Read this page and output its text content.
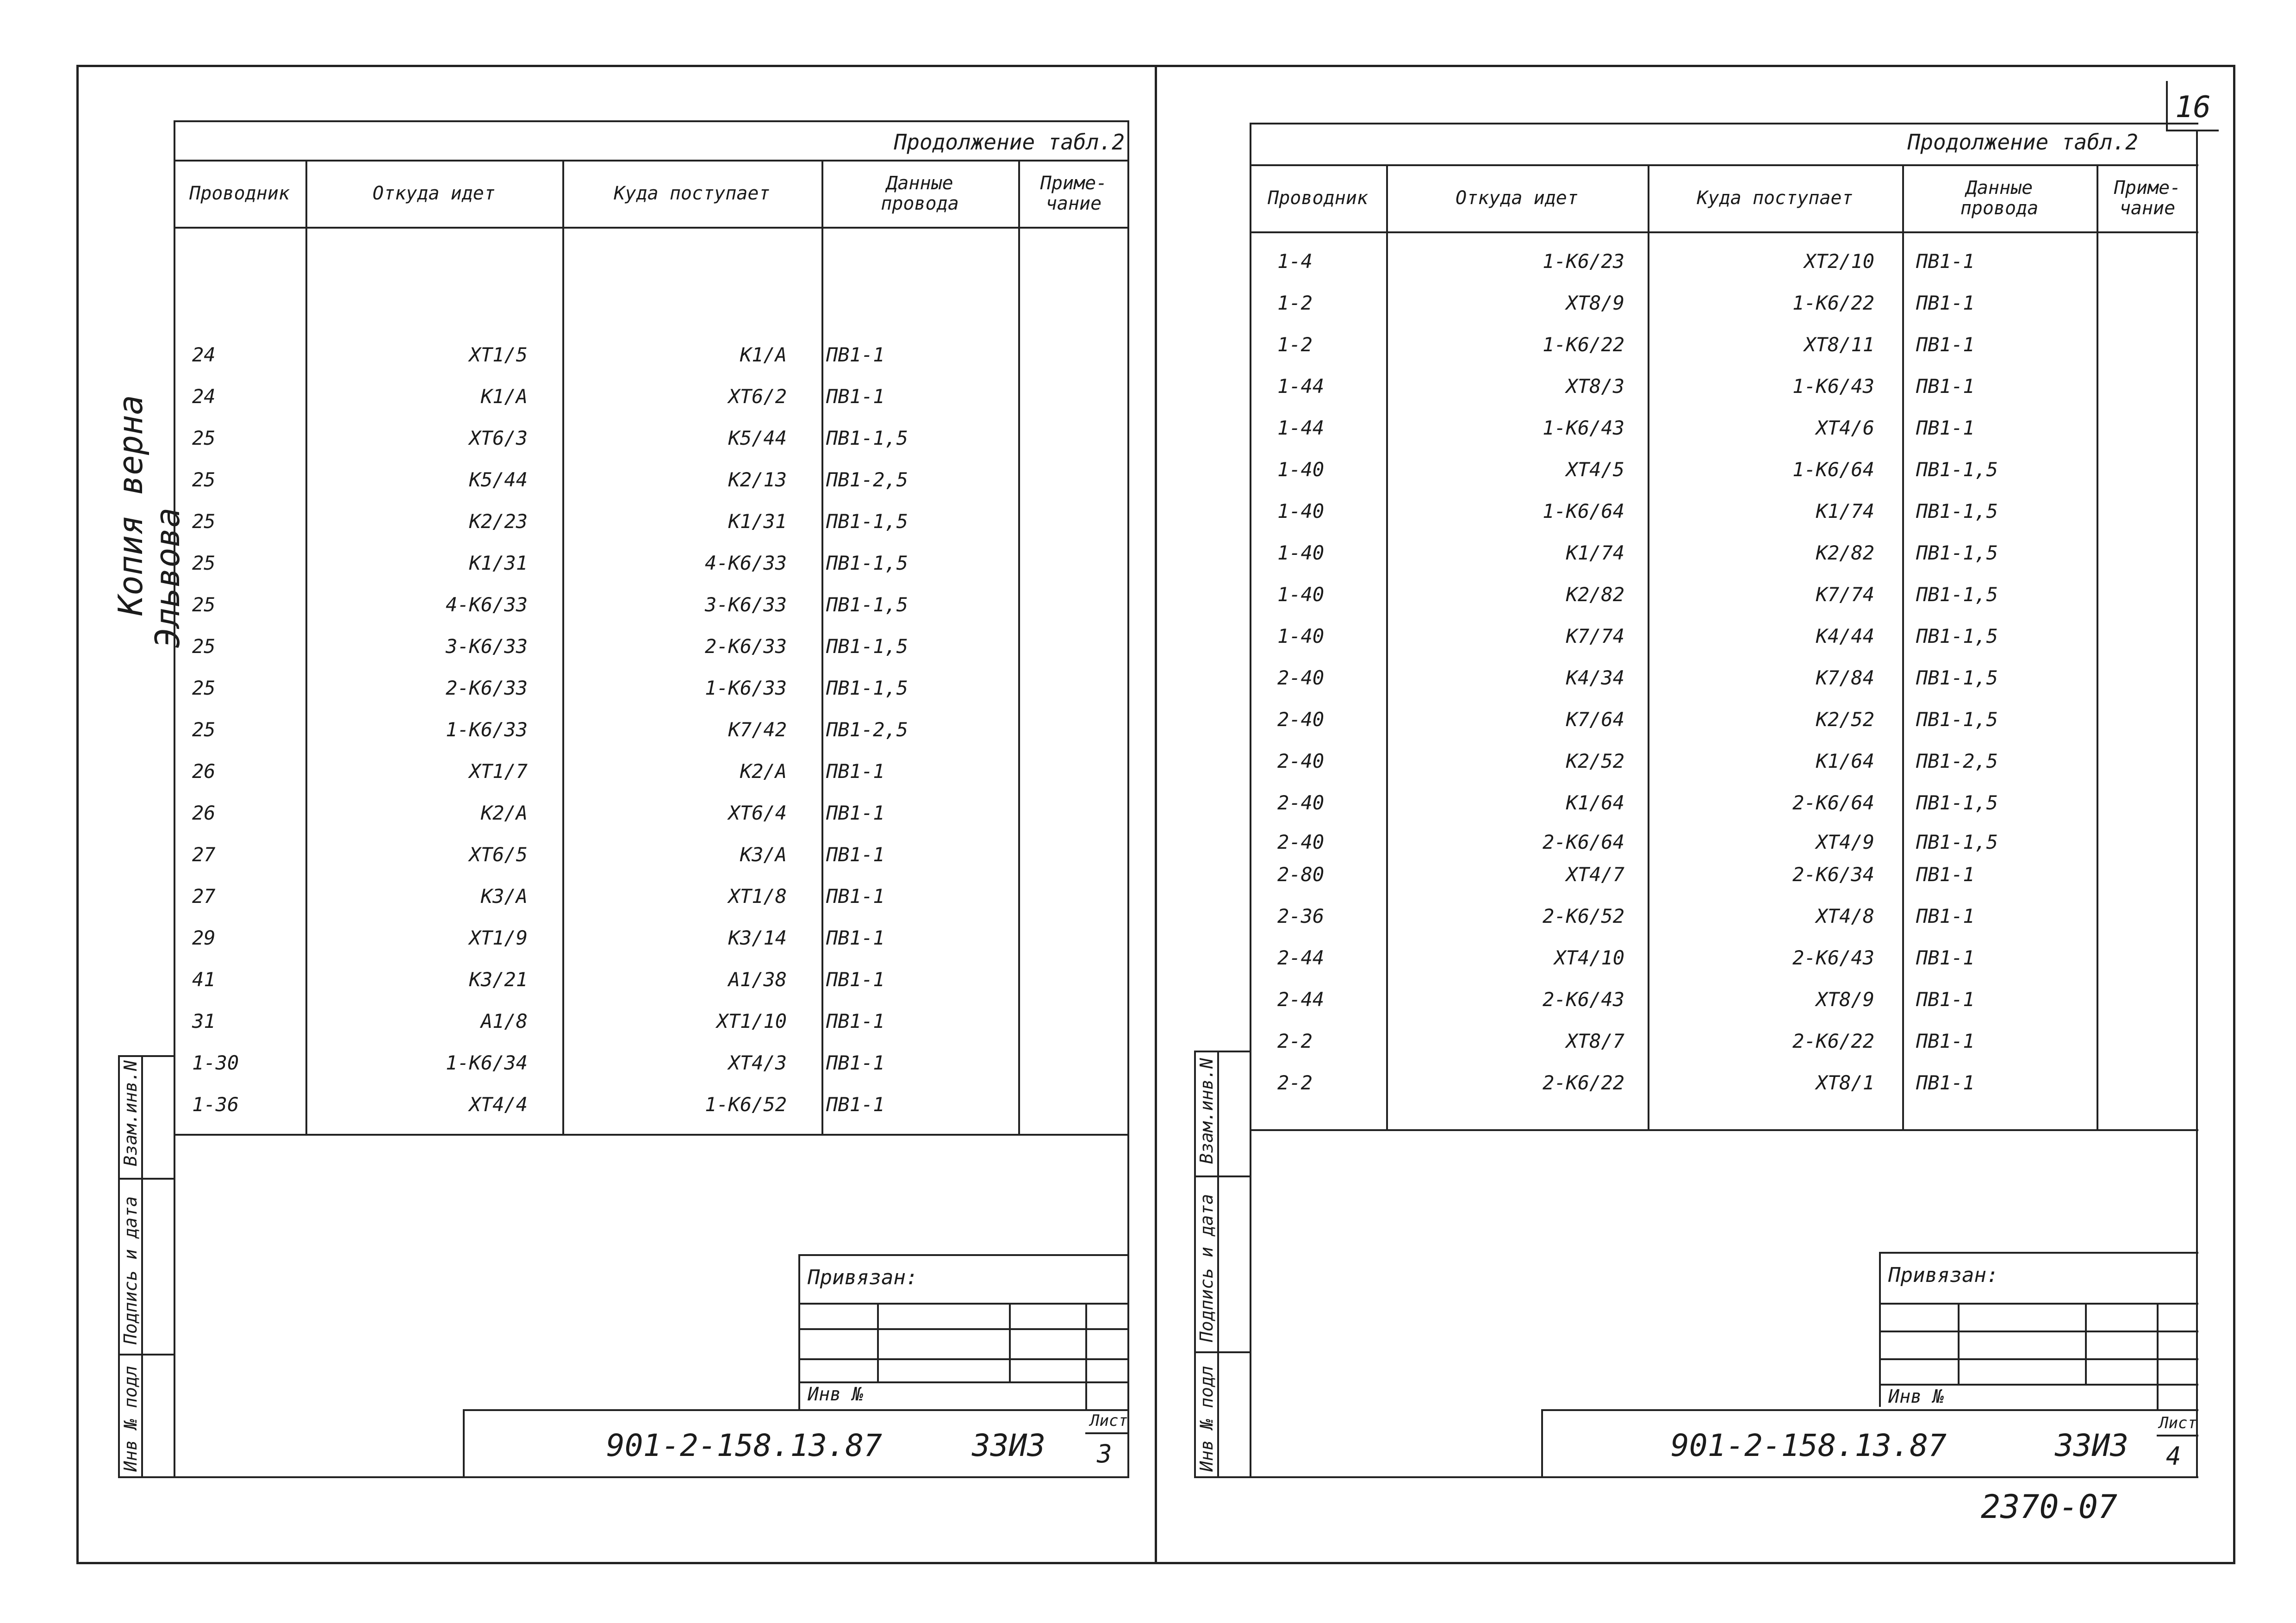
16
Копия верна
Эльвова
2370-07
Продолжение табл.2
Проводник	Откуда идет	Куда поступает	Данные
провода
Приме-
чание
24	XT1/5	K1/A ПВ1-1
24	K1/A	XT6/2 ПВ1-1
25	XT6/3	K5/44 ПВ1-1,5
25	K5/44	K2/13 ПВ1-2,5
25	K2/23	K1/31 ПВ1-1,5
25	K1/31	4-K6/33 ПВ1-1,5
25	4-K6/33	3-K6/33 ПВ1-1,5
25	3-K6/33	2-K6/33 ПВ1-1,5
25	2-K6/33	1-K6/33 ПВ1-1,5
25	1-K6/33	K7/42 ПВ1-2,5
26	XT1/7	K2/A ПВ1-1
26	K2/A	XT6/4 ПВ1-1
27	XT6/5	K3/A ПВ1-1
27	K3/A	XT1/8 ПВ1-1
29	XT1/9	K3/14 ПВ1-1
41	K3/21	A1/38 ПВ1-1
31	A1/8	XT1/10 ПВ1-1
1-30	1-K6/34	XT4/3 ПВ1-1
1-36	XT4/4	1-K6/52 ПВ1-1
Взам.инв.N
Подпись и дата
Инв № подл
Привязан:
Инв №
901-2-158.13.87	33ИЗ
Лист
3
Продолжение табл.2
Проводник	Откуда идет	Куда поступает	Данные
провода
Приме-
чание
1-4	1-K6/23	XT2/10 ПВ1-1
1-2	XT8/9	1-K6/22 ПВ1-1
1-2	1-K6/22	XT8/11 ПВ1-1
1-44	XT8/3	1-K6/43 ПВ1-1
1-44	1-K6/43	XT4/6 ПВ1-1
1-40	XT4/5	1-K6/64 ПВ1-1,5
1-40	1-K6/64	K1/74 ПВ1-1,5
1-40	K1/74	K2/82 ПВ1-1,5
1-40	K2/82	K7/74 ПВ1-1,5
1-40	K7/74	K4/44 ПВ1-1,5
2-40	K4/34	K7/84 ПВ1-1,5
2-40	K7/64	K2/52 ПВ1-1,5
2-40	K2/52	K1/64 ПВ1-2,5
2-40	K1/64	2-K6/64 ПВ1-1,5
2-40	2-K6/64	XT4/9 ПВ1-1,5
2-80	XT4/7	2-K6/34 ПВ1-1
2-36	2-K6/52	XT4/8 ПВ1-1
2-44	XT4/10	2-K6/43 ПВ1-1
2-44	2-K6/43	XT8/9 ПВ1-1
2-2	XT8/7	2-K6/22 ПВ1-1
2-2	2-K6/22	XT8/1 ПВ1-1
Взам.инв.N
Подпись и дата
Инв № подл
Привязан:
Инв №
901-2-158.13.87	33ИЗ
Лист
4
